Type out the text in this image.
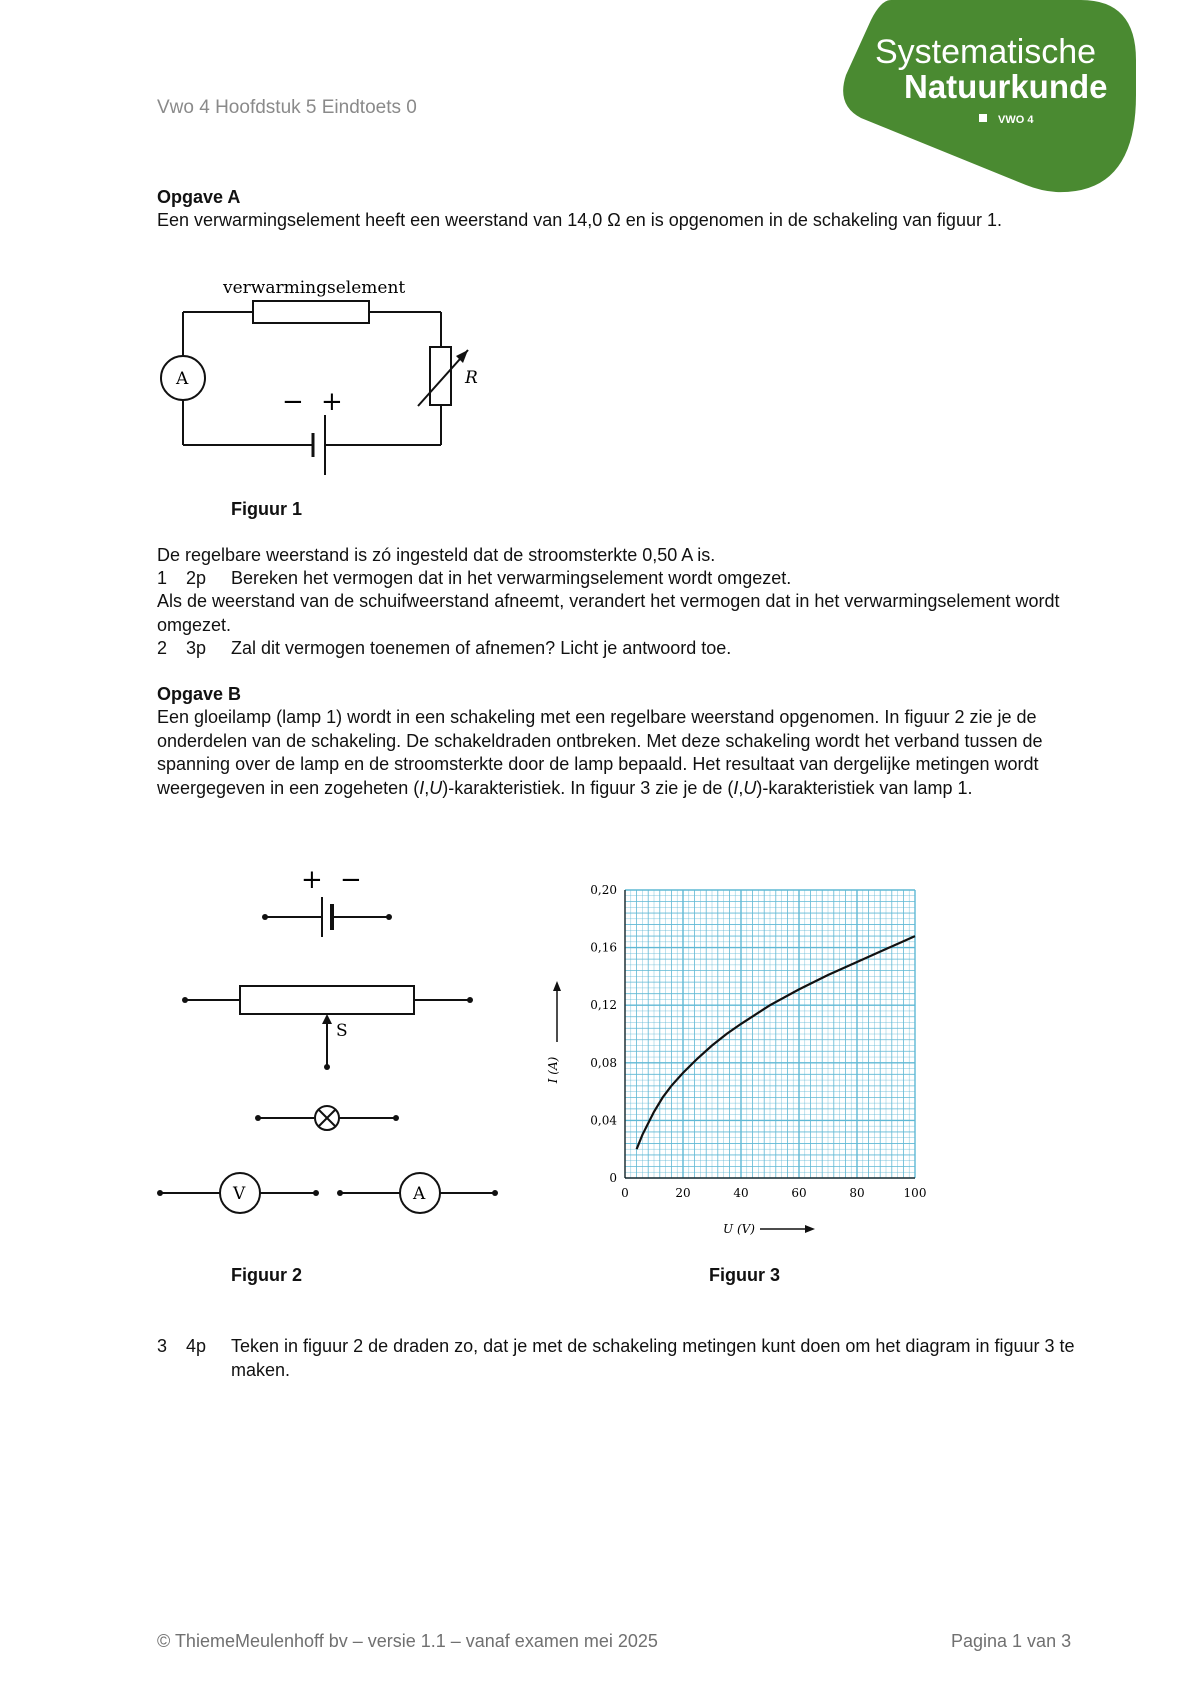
Vwo 4 Hoofdstuk 5 Eindtoets 0
Systematische
Natuurkunde
VWO 4
Opgave A
Een verwarmingselement heeft een weerstand van 14,0 Ω en is opgenomen in de schakeling van figuur 1.
verwarmingselement
A	R
− +
Figuur 1
De regelbare weerstand is zó ingesteld dat de stroomsterkte 0,50 A is.
1 2p Bereken het vermogen dat in het verwarmingselement wordt omgezet.
Als de weerstand van de schuifweerstand afneemt, verandert het vermogen dat in het verwarmingselement wordt omgezet.
2 3p Zal dit vermogen toenemen of afnemen? Licht je antwoord toe.
Opgave B
Een gloeilamp (lamp 1) wordt in een schakeling met een regelbare weerstand opgenomen. In figuur 2 zie je de onderdelen van de schakeling. De schakeldraden ontbreken. Met deze schakeling wordt het verband tussen de spanning over de lamp en de stroomsterkte door de lamp bepaald. Het resultaat van dergelijke metingen wordt weergegeven in een zogeheten (I,U)-karakteristiek. In figuur 3 zie je de (I,U)-karakteristiek van lamp 1.
+ −
S
V	A	0	20	40	60	80	100
0
0,04
0,08
0,12
0,16
0,20
I (A)
U (V)
Figuur 2	Figuur 3
3 4p Teken in figuur 2 de draden zo, dat je met de schakeling metingen kunt doen om het diagram in figuur 3 te maken.
© ThiemeMeulenhoff bv – versie 1.1 – vanaf examen mei 2025	Pagina 1 van 3
